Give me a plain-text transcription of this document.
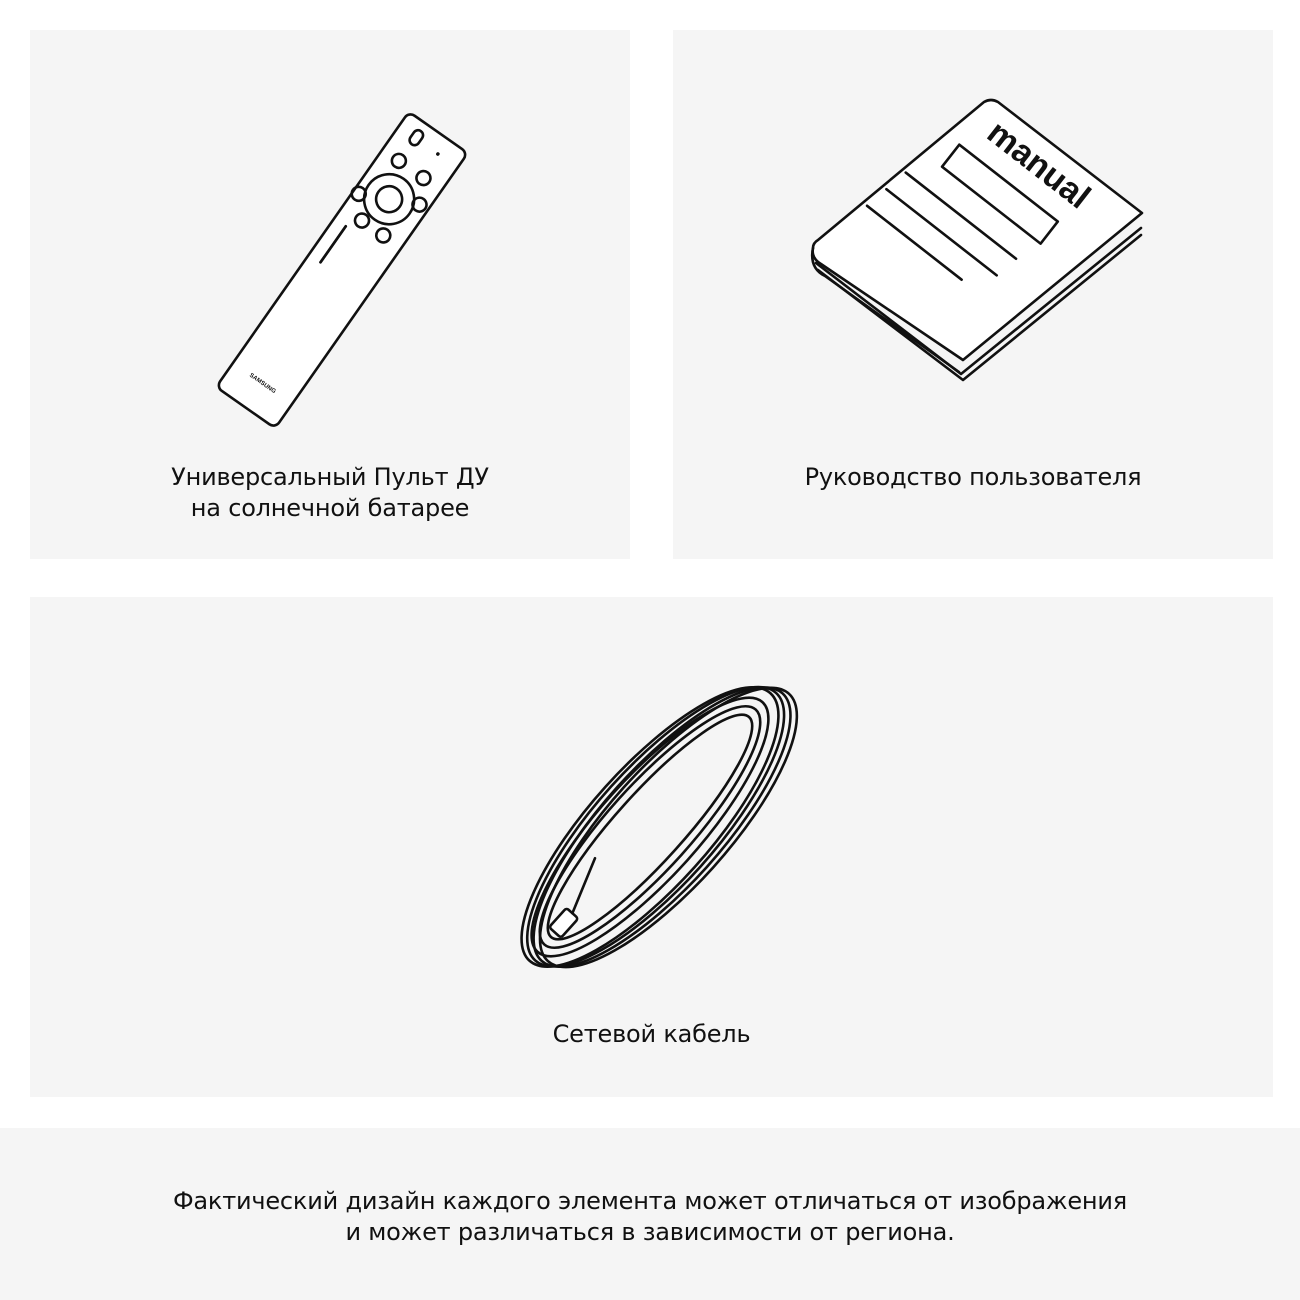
SAMSUNG

Универсальный Пульт ДУ
на солнечной батарее

manual

Руководство пользователя

Сетевой кабель

Фактический дизайн каждого элемента может отличаться от изображения
и может различаться в зависимости от региона.
